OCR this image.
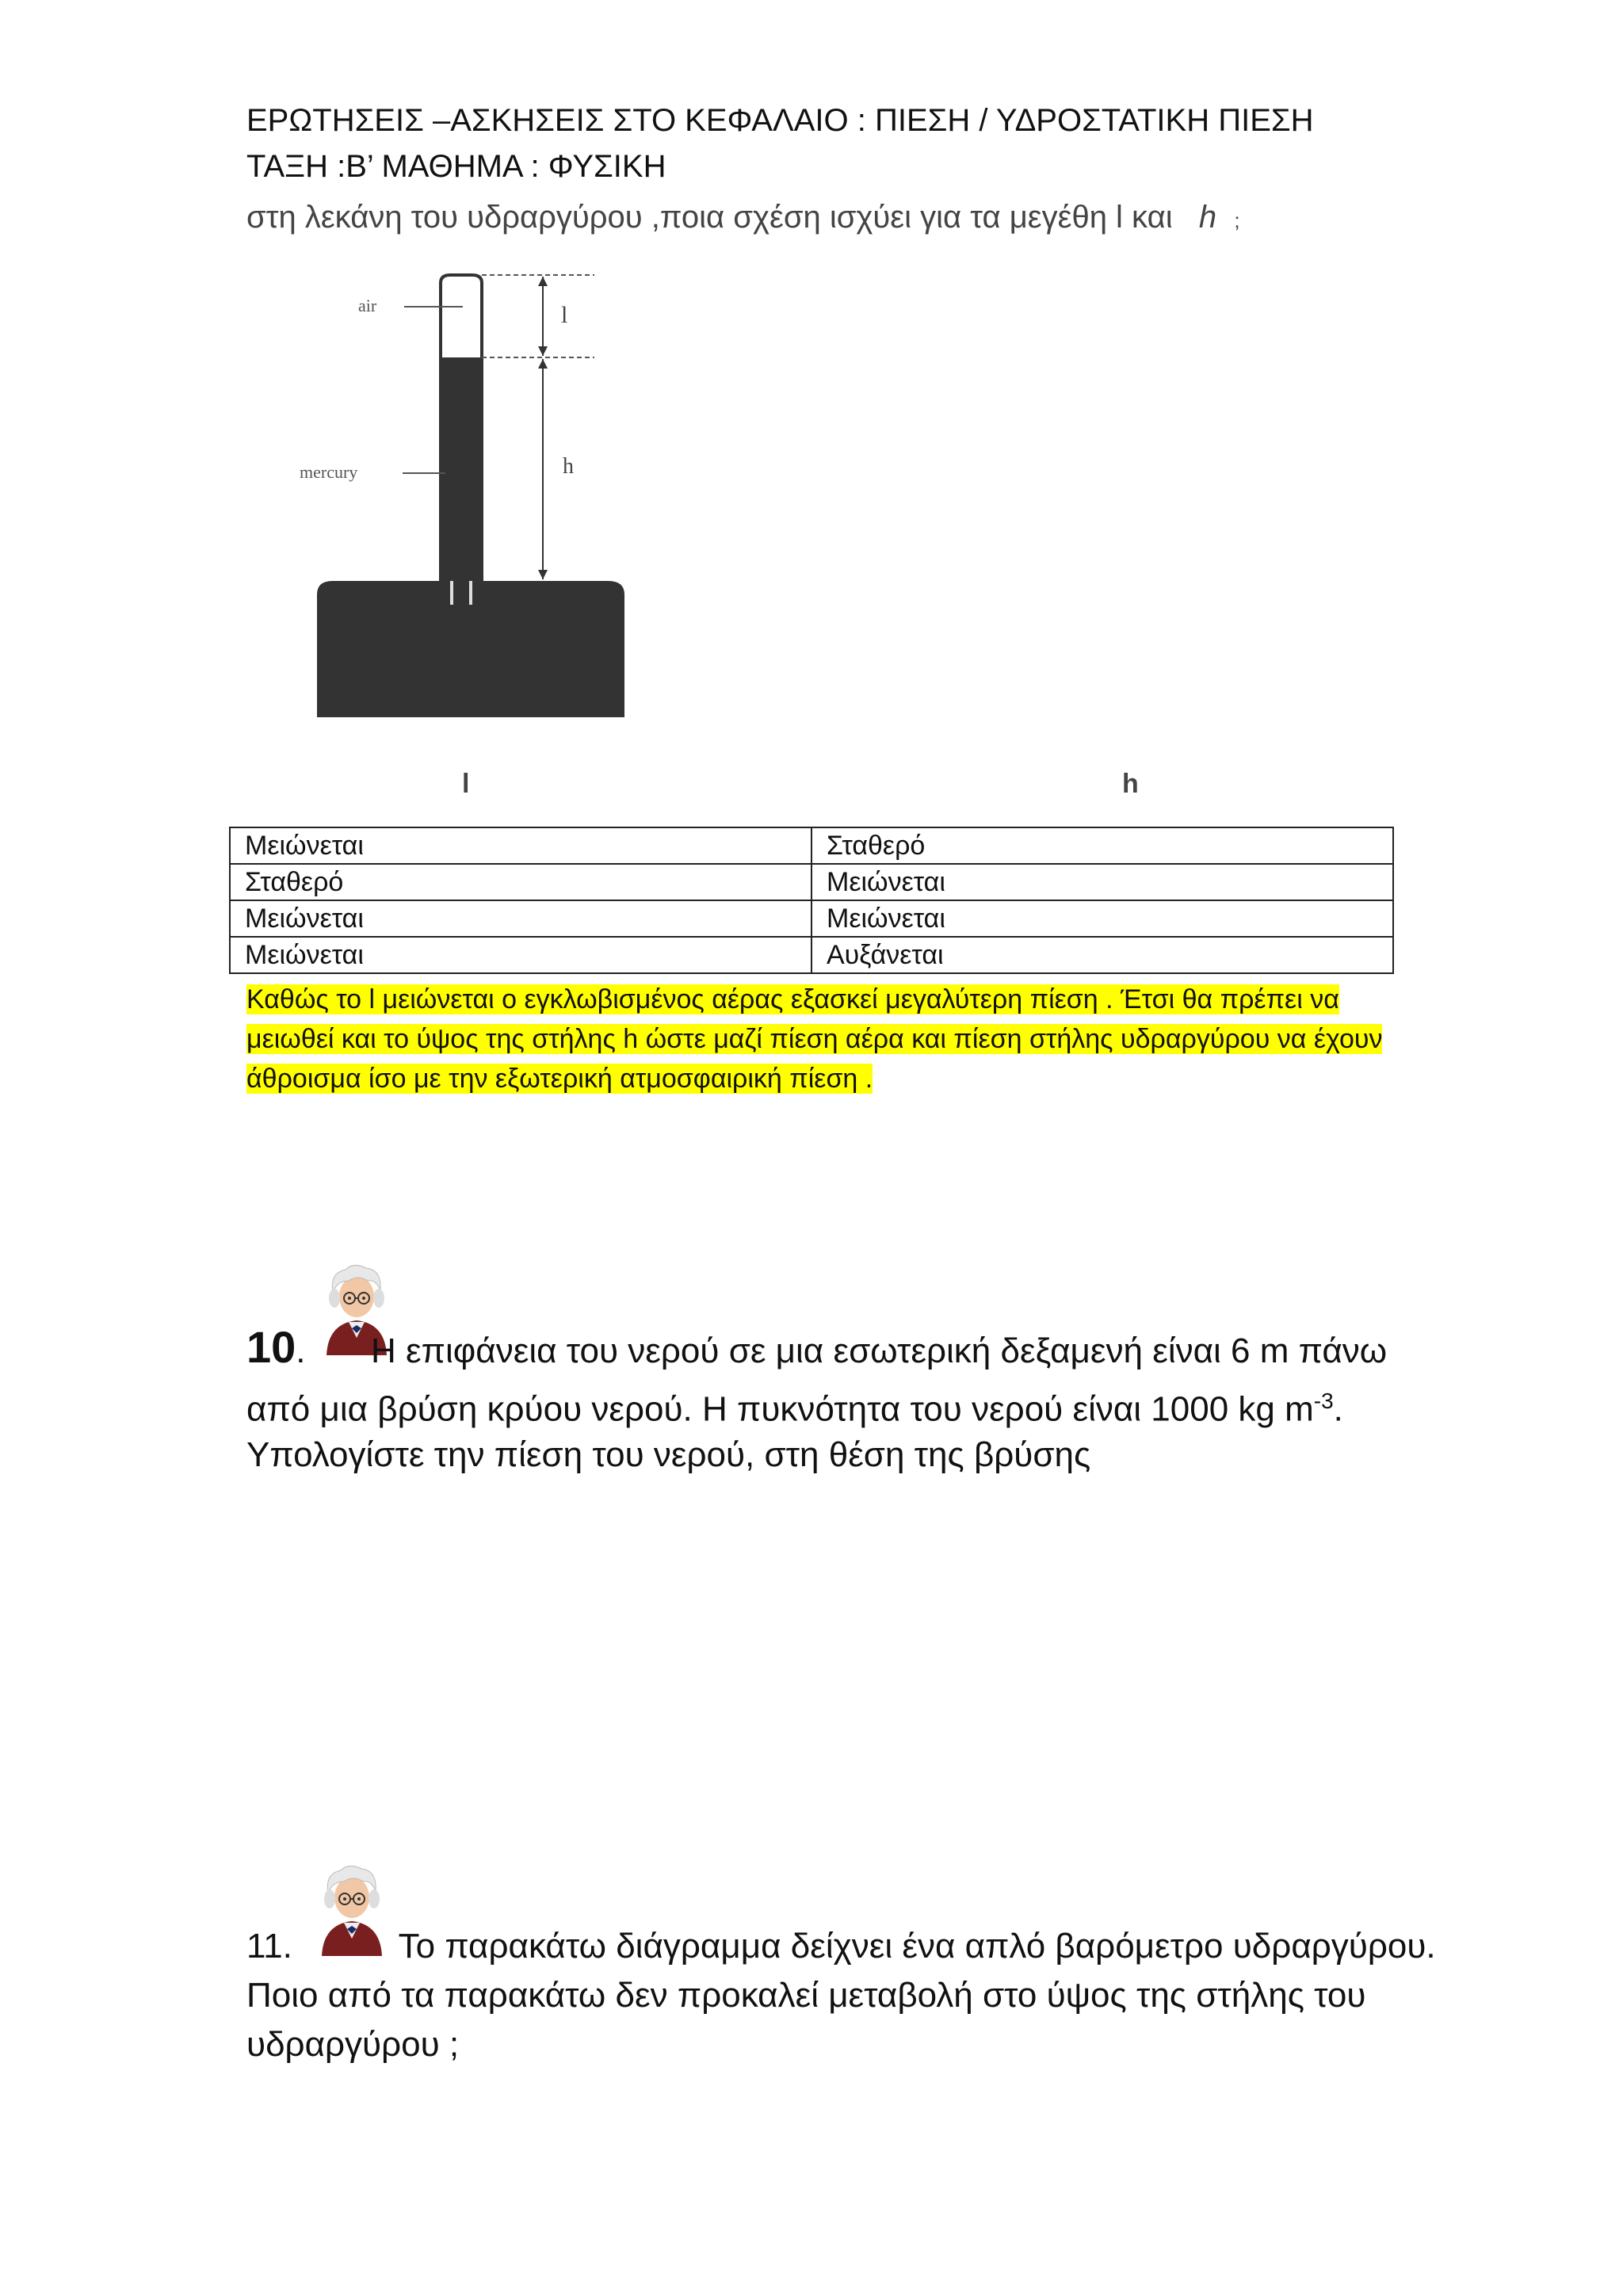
ΕΡΩΤΗΣΕΙΣ –ΑΣΚΗΣΕΙΣ ΣΤΟ ΚΕΦΑΛΑΙΟ : ΠΙΕΣΗ / ΥΔΡΟΣΤΑΤΙΚΗ ΠΙΕΣΗ
ΤΑΞΗ :Β’ ΜΑΘΗΜΑ : ΦΥΣΙΚΗ
στη λεκάνη του υδραργύρου ,ποια σχέση ισχύει για τα μεγέθη l και h ;
air
mercury
l
h
l	h
Μειώνεται	Σταθερό
Σταθερό	Μειώνεται
Μειώνεται	Μειώνεται
Μειώνεται	Αυξάνεται
Καθώς το l μειώνεται ο εγκλωβισμένος αέρας εξασκεί μεγαλύτερη πίεση . Έτσι θα πρέπει να
μειωθεί και το ύψος της στήλης h ώστε μαζί πίεση αέρα και πίεση στήλης υδραργύρου να έχουν
άθροισμα ίσο με την εξωτερική ατμοσφαιρική πίεση .
10. Η επιφάνεια του νερού σε μια εσωτερική δεξαμενή είναι 6 m πάνω
από μια βρύση κρύου νερού. Η πυκνότητα του νερού είναι 1000 kg $m^{-3}$.
Υπολογίστε την πίεση του νερού, στη θέση της βρύσης
11.	Το παρακάτω διάγραμμα δείχνει ένα απλό βαρόμετρο υδραργύρου.
Ποιο από τα παρακάτω δεν προκαλεί μεταβολή στο ύψος της στήλης του
υδραργύρου ;
